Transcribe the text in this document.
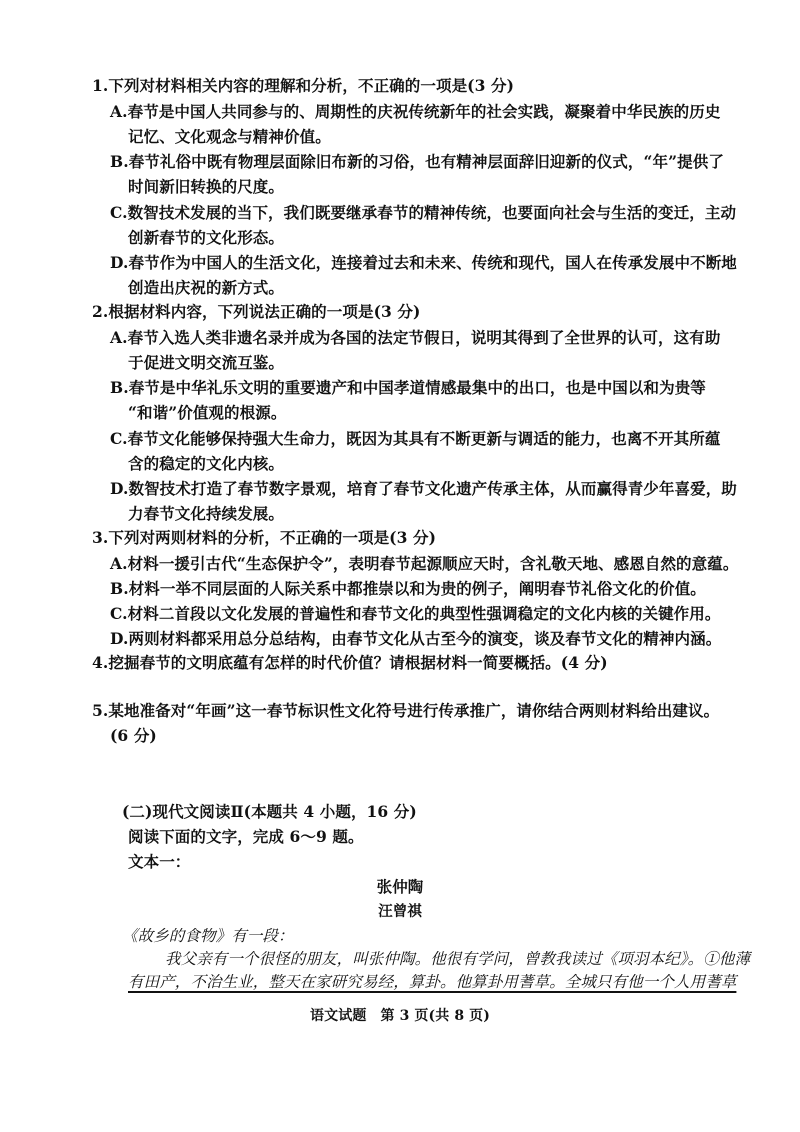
1.下列对材料相关内容的理解和分析，不正确的一项是(3 分)
A.春节是中国人共同参与的、周期性的庆祝传统新年的社会实践，凝聚着中华民族的历史
记忆、文化观念与精神价值。
B.春节礼俗中既有物理层面除旧布新的习俗，也有精神层面辞旧迎新的仪式，“年”提供了
时间新旧转换的尺度。
C.数智技术发展的当下，我们既要继承春节的精神传统，也要面向社会与生活的变迁，主动
创新春节的文化形态。
D.春节作为中国人的生活文化，连接着过去和未来、传统和现代，国人在传承发展中不断地
创造出庆祝的新方式。
2.根据材料内容，下列说法正确的一项是(3 分)
A.春节入选人类非遗名录并成为各国的法定节假日，说明其得到了全世界的认可，这有助
于促进文明交流互鉴。
B.春节是中华礼乐文明的重要遗产和中国孝道情感最集中的出口，也是中国以和为贵等
“和谐”价值观的根源。
C.春节文化能够保持强大生命力，既因为其具有不断更新与调适的能力，也离不开其所蕴
含的稳定的文化内核。
D.数智技术打造了春节数字景观，培育了春节文化遗产传承主体，从而赢得青少年喜爱，助
力春节文化持续发展。
3.下列对两则材料的分析，不正确的一项是(3 分)
A.材料一援引古代“生态保护令”，表明春节起源顺应天时，含礼敬天地、感恩自然的意蕴。
B.材料一举不同层面的人际关系中都推崇以和为贵的例子，阐明春节礼俗文化的价值。
C.材料二首段以文化发展的普遍性和春节文化的典型性强调稳定的文化内核的关键作用。
D.两则材料都采用总分总结构，由春节文化从古至今的演变，谈及春节文化的精神内涵。
4.挖掘春节的文明底蕴有怎样的时代价值？请根据材料一简要概括。(4 分)
5.某地准备对“年画”这一春节标识性文化符号进行传承推广，请你结合两则材料给出建议。
(6 分)
(二)现代文阅读Ⅱ(本题共 4 小题，16 分)
阅读下面的文字，完成 6～9 题。
文本一：
张仲陶
汪曾祺
《故乡的食物》有一段：
我父亲有一个很怪的朋友，叫张仲陶。他很有学问，曾教我读过《项羽本纪》。①他薄
有田产，不治生业，整天在家研究易经，算卦。他算卦用蓍草。全城只有他一个人用蓍草
语文试题　第 3 页(共 8 页)
